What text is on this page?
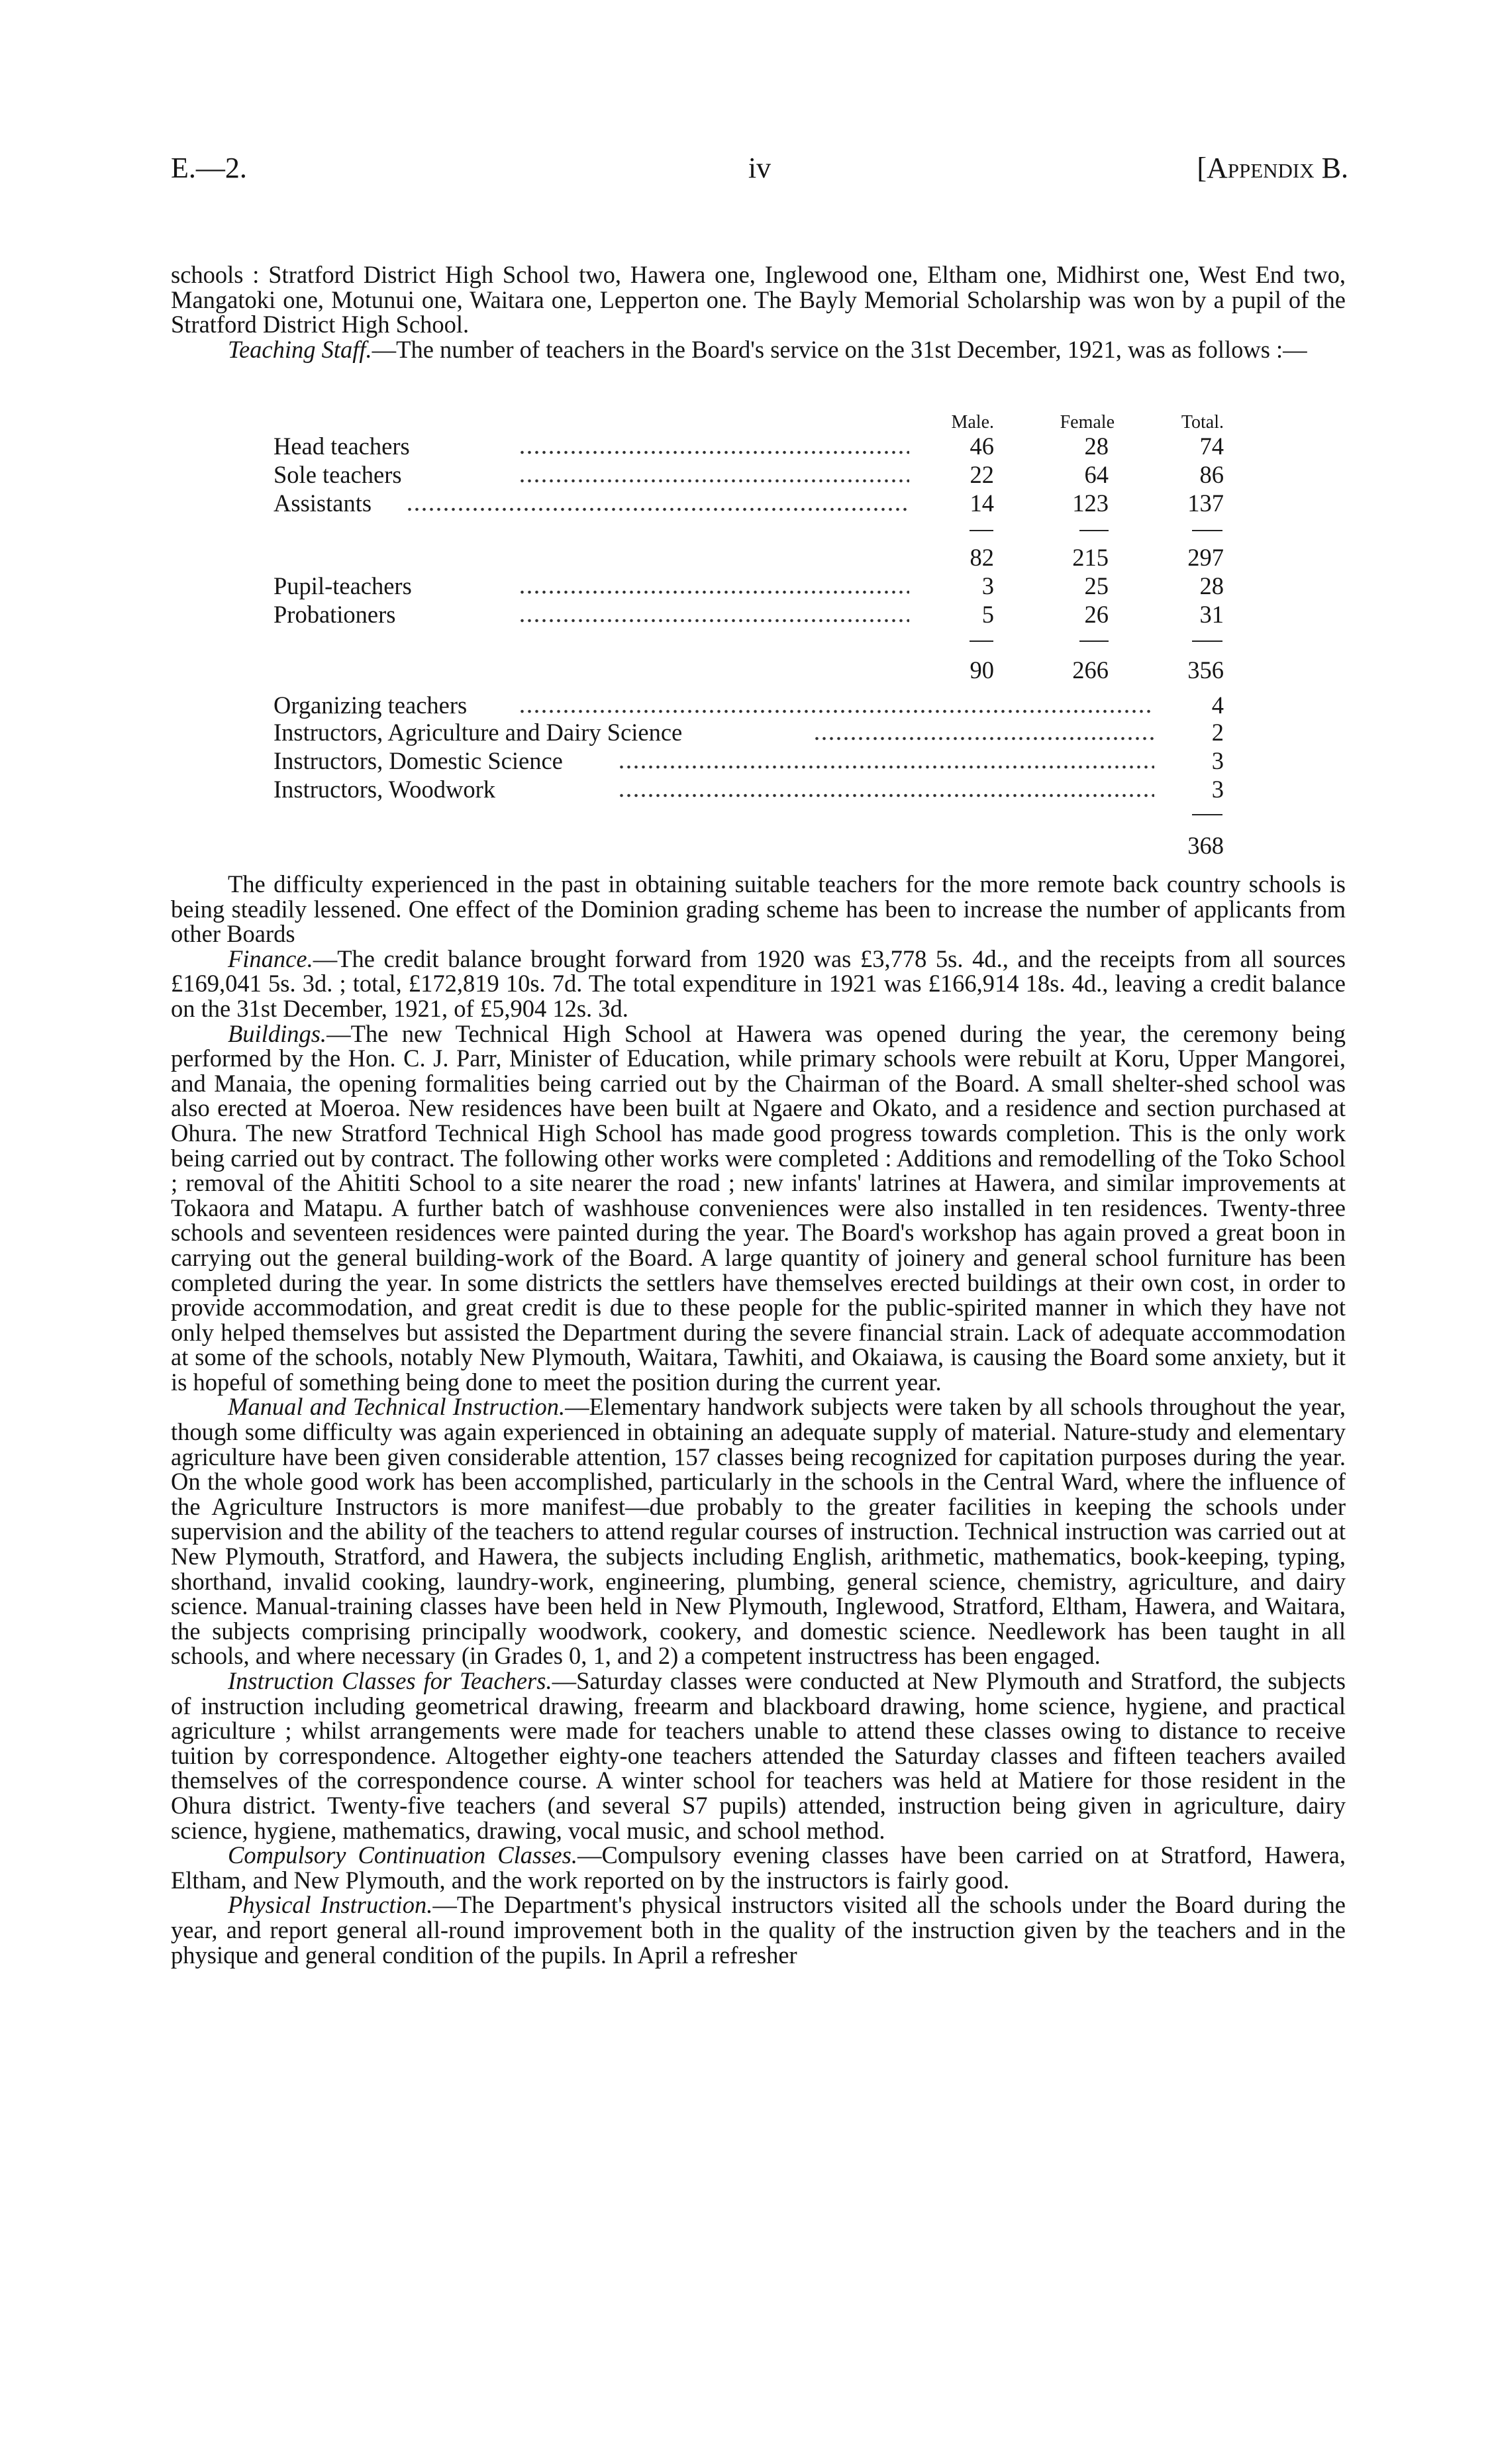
E.—2.	iv	[Appendix B.

schools : Stratford District High School two, Hawera one, Inglewood one, Eltham one, Midhirst one, West End two, Mangatoki one, Motunui one, Waitara one, Lepperton one. The Bayly Memorial Scholarship was won by a pupil of the Stratford District High School.

Teaching Staff.—The number of teachers in the Board's service on the 31st December, 1921, was as follows :—

Male.	Female	Total.
Head teachers	46	28	74
Sole teachers	22	64	86
Assistants	14	123	137
82	215	297
Pupil-teachers	3	25	28
Probationers	5	26	31
90	266	356
Organizing teachers	4
Instructors, Agriculture and Dairy Science	2
Instructors, Domestic Science	3
Instructors, Woodwork	3
368

The difficulty experienced in the past in obtaining suitable teachers for the more remote back country schools is being steadily lessened. One effect of the Dominion grading scheme has been to increase the number of applicants from other Boards

Finance.—The credit balance brought forward from 1920 was £3,778 5s. 4d., and the receipts from all sources £169,041 5s. 3d. ; total, £172,819 10s. 7d. The total expenditure in 1921 was £166,914 18s. 4d., leaving a credit balance on the 31st December, 1921, of £5,904 12s. 3d.

Buildings.—The new Technical High School at Hawera was opened during the year, the ceremony being performed by the Hon. C. J. Parr, Minister of Education, while primary schools were rebuilt at Koru, Upper Mangorei, and Manaia, the opening formalities being carried out by the Chairman of the Board. A small shelter-shed school was also erected at Moeroa. New residences have been built at Ngaere and Okato, and a residence and section purchased at Ohura. The new Stratford Technical High School has made good progress towards completion. This is the only work being carried out by contract. The following other works were completed : Additions and remodelling of the Toko School ; removal of the Ahititi School to a site nearer the road ; new infants' latrines at Hawera, and similar improvements at Tokaora and Matapu. A further batch of washhouse conveniences were also installed in ten residences. Twenty-three schools and seventeen residences were painted during the year. The Board's workshop has again proved a great boon in carrying out the general building-work of the Board. A large quantity of joinery and general school furniture has been completed during the year. In some districts the settlers have themselves erected buildings at their own cost, in order to provide accommodation, and great credit is due to these people for the public-spirited manner in which they have not only helped themselves but assisted the Department during the severe financial strain. Lack of adequate accommodation at some of the schools, notably New Plymouth, Waitara, Tawhiti, and Okaiawa, is causing the Board some anxiety, but it is hopeful of something being done to meet the position during the current year.

Manual and Technical Instruction.—Elementary handwork subjects were taken by all schools throughout the year, though some difficulty was again experienced in obtaining an adequate supply of material. Nature-study and elementary agriculture have been given considerable attention, 157 classes being recognized for capitation purposes during the year. On the whole good work has been accomplished, particularly in the schools in the Central Ward, where the influence of the Agriculture Instructors is more manifest—due probably to the greater facilities in keeping the schools under supervision and the ability of the teachers to attend regular courses of instruction. Technical instruction was carried out at New Plymouth, Stratford, and Hawera, the subjects including English, arithmetic, mathematics, book-keeping, typing, shorthand, invalid cooking, laundry-work, engineering, plumbing, general science, chemistry, agriculture, and dairy science. Manual-training classes have been held in New Plymouth, Inglewood, Stratford, Eltham, Hawera, and Waitara, the subjects comprising principally woodwork, cookery, and domestic science. Needlework has been taught in all schools, and where necessary (in Grades 0, 1, and 2) a competent instructress has been engaged.

Instruction Classes for Teachers.—Saturday classes were conducted at New Plymouth and Stratford, the subjects of instruction including geometrical drawing, freearm and blackboard drawing, home science, hygiene, and practical agriculture ; whilst arrangements were made for teachers unable to attend these classes owing to distance to receive tuition by correspondence. Altogether eighty-one teachers attended the Saturday classes and fifteen teachers availed themselves of the correspondence course. A winter school for teachers was held at Matiere for those resident in the Ohura district. Twenty-five teachers (and several S7 pupils) attended, instruction being given in agriculture, dairy science, hygiene, mathematics, drawing, vocal music, and school method.

Compulsory Continuation Classes.—Compulsory evening classes have been carried on at Stratford, Hawera, Eltham, and New Plymouth, and the work reported on by the instructors is fairly good.

Physical Instruction.—The Department's physical instructors visited all the schools under the Board during the year, and report general all-round improvement both in the quality of the instruction given by the teachers and in the physique and general condition of the pupils. In April a refresher
